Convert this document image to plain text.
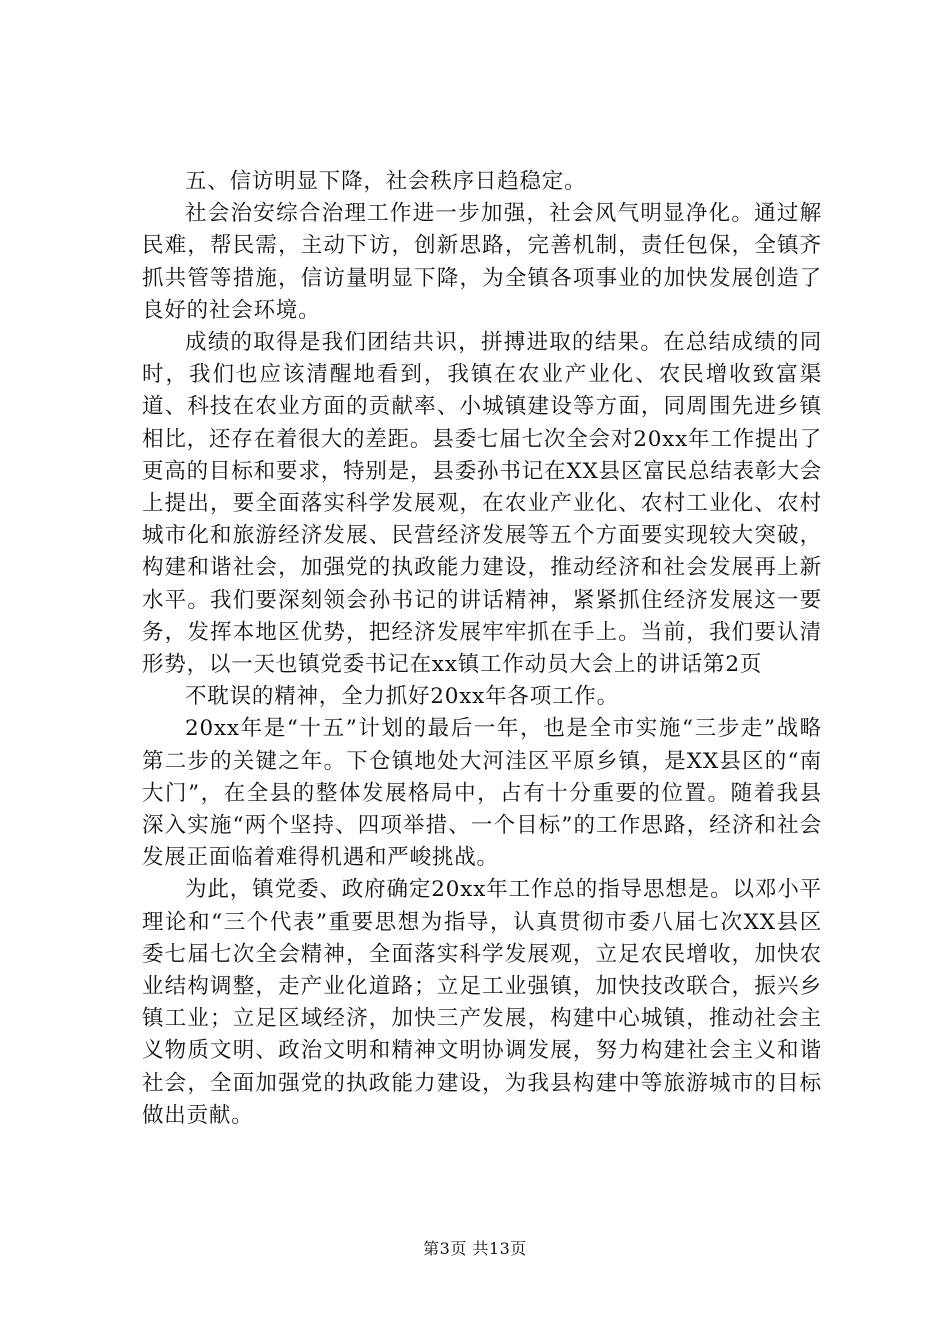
五、信访明显下降，社会秩序日趋稳定。

社会治安综合治理工作进一步加强，社会风气明显净化。通过解民难，帮民需，主动下访，创新思路，完善机制，责任包保，全镇齐抓共管等措施，信访量明显下降，为全镇各项事业的加快发展创造了良好的社会环境。

成绩的取得是我们团结共识，拼搏进取的结果。在总结成绩的同时，我们也应该清醒地看到，我镇在农业产业化、农民增收致富渠道、科技在农业方面的贡献率、小城镇建设等方面，同周围先进乡镇相比，还存在着很大的差距。县委七届七次全会对20xx年工作提出了更高的目标和要求，特别是，县委孙书记在XX县区富民总结表彰大会上提出，要全面落实科学发展观，在农业产业化、农村工业化、农村城市化和旅游经济发展、民营经济发展等五个方面要实现较大突破，构建和谐社会，加强党的执政能力建设，推动经济和社会发展再上新水平。我们要深刻领会孙书记的讲话精神，紧紧抓住经济发展这一要务，发挥本地区优势，把经济发展牢牢抓在手上。当前，我们要认清形势，以一天也镇党委书记在xx镇工作动员大会上的讲话第2页

不耽误的精神，全力抓好20xx年各项工作。

20xx年是“十五”计划的最后一年，也是全市实施“三步走”战略第二步的关键之年。下仓镇地处大河洼区平原乡镇，是XX县区的“南大门”，在全县的整体发展格局中，占有十分重要的位置。随着我县深入实施“两个坚持、四项举措、一个目标”的工作思路，经济和社会发展正面临着难得机遇和严峻挑战。

为此，镇党委、政府确定20xx年工作总的指导思想是。以邓小平理论和“三个代表”重要思想为指导，认真贯彻市委八届七次XX县区委七届七次全会精神，全面落实科学发展观，立足农民增收，加快农业结构调整，走产业化道路；立足工业强镇，加快技改联合，振兴乡镇工业；立足区域经济，加快三产发展，构建中心城镇，推动社会主义物质文明、政治文明和精神文明协调发展，努力构建社会主义和谐社会，全面加强党的执政能力建设，为我县构建中等旅游城市的目标做出贡献。

第3页 共13页
